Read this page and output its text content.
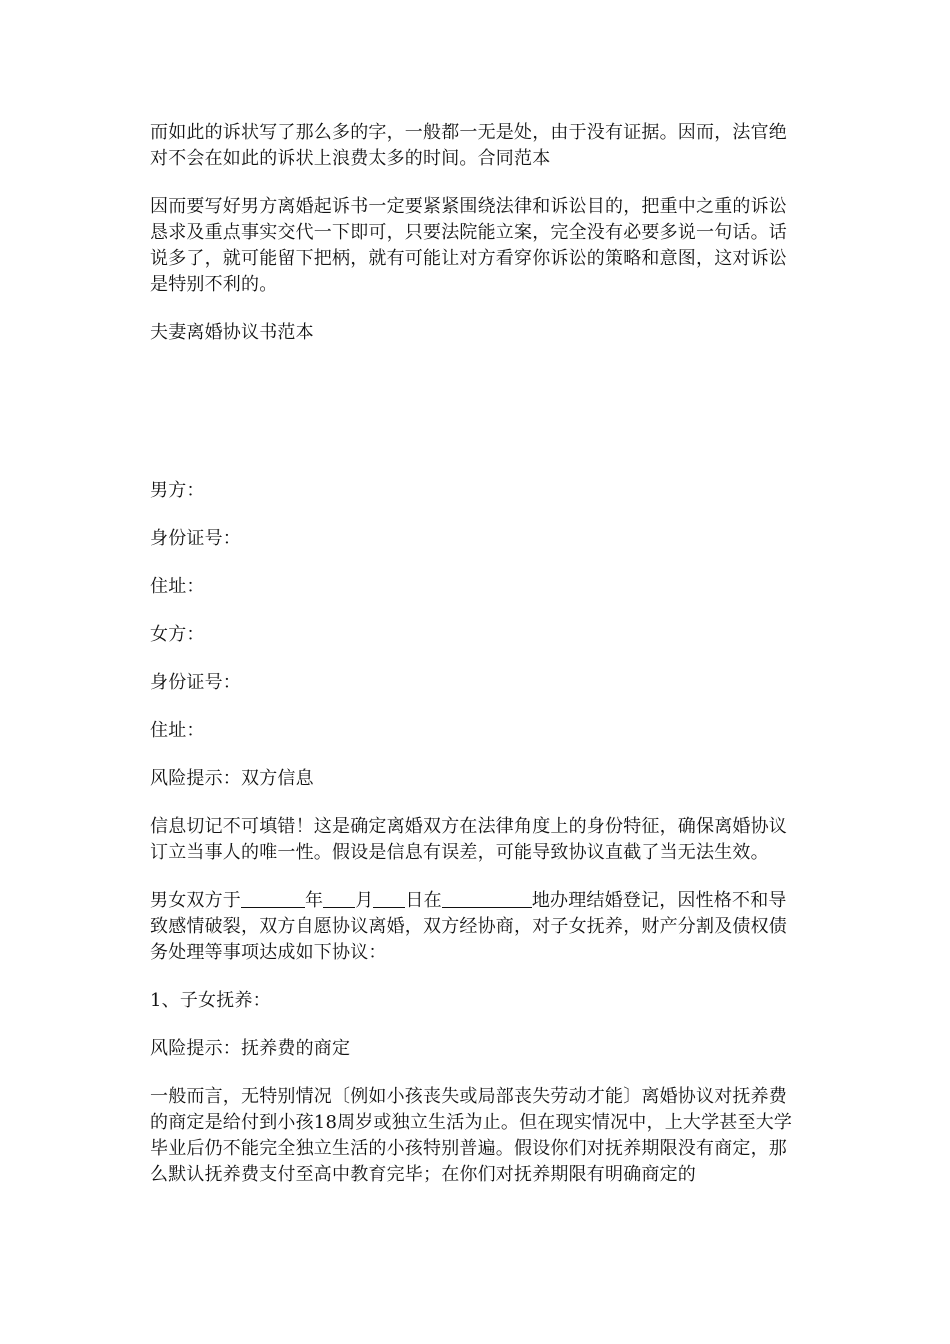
而如此的诉状写了那么多的字，一般都一无是处，由于没有证据。因而，法官绝对不会在如此的诉状上浪费太多的时间。合同范本

因而要写好男方离婚起诉书一定要紧紧围绕法律和诉讼目的，把重中之重的诉讼恳求及重点事实交代一下即可，只要法院能立案，完全没有必要多说一句话。话说多了，就可能留下把柄，就有可能让对方看穿你诉讼的策略和意图，这对诉讼是特别不利的。

夫妻离婚协议书范本

男方：

身份证号：

住址：

女方：

身份证号：

住址：

风险提示：双方信息

信息切记不可填错！这是确定离婚双方在法律角度上的身份特征，确保离婚协议订立当事人的唯一性。假设是信息有误差，可能导致协议直截了当无法生效。

男女双方于	年 月 日在	地办理结婚登记，因性格不和导致感情破裂，双方自愿协议离婚，双方经协商，对子女抚养，财产分割及债权债务处理等事项达成如下协议：

1、子女抚养：

风险提示：抚养费的商定

一般而言，无特别情况〔例如小孩丧失或局部丧失劳动才能〕离婚协议对抚养费的商定是给付到小孩18周岁或独立生活为止。但在现实情况中，上大学甚至大学毕业后仍不能完全独立生活的小孩特别普遍。假设你们对抚养期限没有商定，那么默认抚养费支付至高中教育完毕；在你们对抚养期限有明确商定的
